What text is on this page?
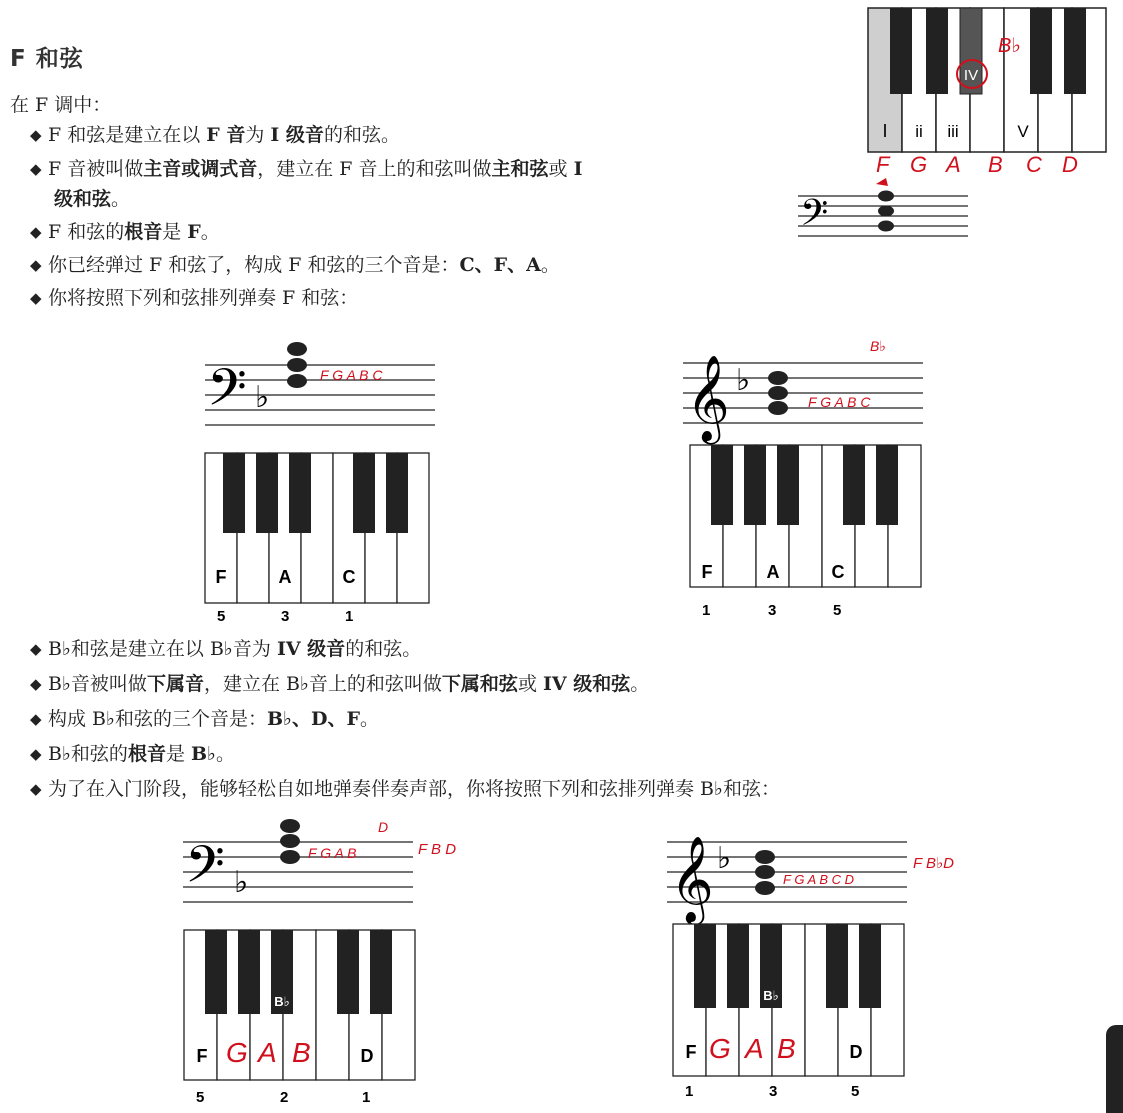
F 和弦
在 F 调中：
◆ F 和弦是建立在以 F 音为 I 级音的和弦。
◆ F 音被叫做主音或调式音，建立在 F 音上的和弦叫做主和弦或 I
级和弦。
◆ F 和弦的根音是 F。
◆ 你已经弹过 F 和弦了，构成 F 和弦的三个音是：C、F、A。
◆ 你将按照下列和弦排列弹奏 F 和弦：
I ii iii
IV
V
B♭
F G A B C D
𝄢
𝄢 ♭
F G A B C
F	A	C
5	3	1
𝄞 ♭
F G A B C
B♭
F	A	C
1	3	5
◆ B♭和弦是建立在以 B♭音为 IV 级音的和弦。
◆ B♭音被叫做下属音，建立在 B♭音上的和弦叫做下属和弦或 IV 级和弦。
◆ 构成 B♭和弦的三个音是：B♭、D、F。
◆ B♭和弦的根音是 B♭。
◆ 为了在入门阶段，能够轻松自如地弹奏伴奏声部，你将按照下列和弦排列弹奏 B♭和弦：
𝄢 ♭
F G A B
D
F B D
B♭
F	D
G A B
5	2	1
𝄞 ♭
F G A B C D
F B♭D
B♭
F	D
G A B
1	3	5
